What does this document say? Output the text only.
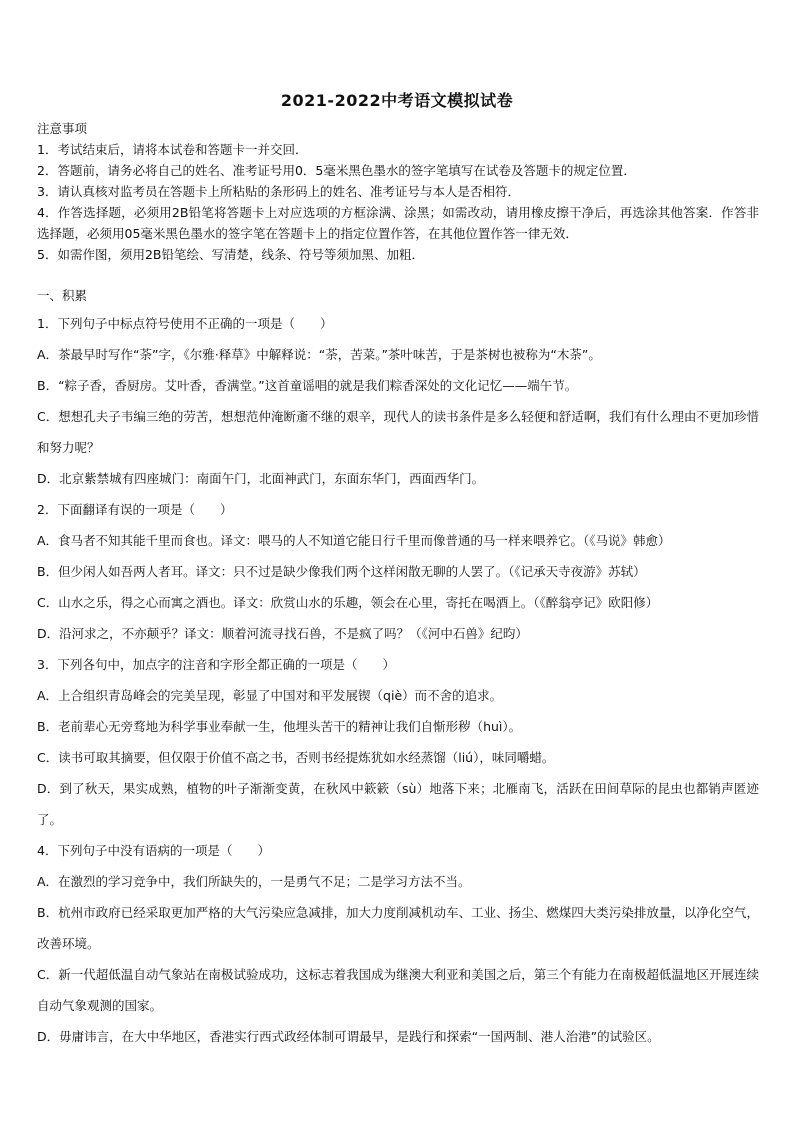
2021-2022中考语文模拟试卷

注意事项

1．考试结束后，请将本试卷和答题卡一并交回．

2．答题前，请务必将自己的姓名、准考证号用0．5毫米黑色墨水的签字笔填写在试卷及答题卡的规定位置．

3．请认真核对监考员在答题卡上所粘贴的条形码上的姓名、准考证号与本人是否相符．

4．作答选择题，必须用2B铅笔将答题卡上对应选项的方框涂满、涂黑；如需改动，请用橡皮擦干净后，再选涂其他答案．作答非选择题，必须用05毫米黑色墨水的签字笔在答题卡上的指定位置作答，在其他位置作答一律无效．

5．如需作图，须用2B铅笔绘、写清楚，线条、符号等须加黑、加粗．

一、积累

1．下列句子中标点符号使用不正确的一项是（　　）

A．茶最早时写作“荼”字，《尔雅·释草》中解释说：“荼，苦菜。”茶叶味苦，于是茶树也被称为“木荼”。

B．“粽子香，香厨房。艾叶香，香满堂。”这首童谣唱的就是我们粽香深处的文化记忆——端午节。

C．想想孔夫子韦编三绝的劳苦，想想范仲淹断齑不继的艰辛，现代人的读书条件是多么轻便和舒适啊，我们有什么理由不更加珍惜和努力呢？

D．北京紫禁城有四座城门：南面午门，北面神武门，东面东华门，西面西华门。

2．下面翻译有误的一项是（　　）

A．食马者不知其能千里而食也。译文：喂马的人不知道它能日行千里而像普通的马一样来喂养它。（《马说》韩愈）

B．但少闲人如吾两人者耳。译文：只不过是缺少像我们两个这样闲散无聊的人罢了。（《记承天寺夜游》苏轼）

C．山水之乐，得之心而寓之酒也。译文：欣赏山水的乐趣，领会在心里，寄托在喝酒上。（《醉翁亭记》欧阳修）

D．沿河求之，不亦颠乎？译文：顺着河流寻找石兽，不是疯了吗？（《河中石兽》纪昀）

3．下列各句中，加点字的注音和字形全都正确的一项是（　　）

A．上合组织青岛峰会的完美呈现，彰显了中国对和平发展锲（qiè）而不舍的追求。

B．老前辈心无旁骛地为科学事业奉献一生，他埋头苦干的精神让我们自惭形秽（huì）。

C．读书可取其摘要，但仅限于价值不高之书，否则书经提炼犹如水经蒸馏（liú），味同嚼蜡。

D．到了秋天，果实成熟，植物的叶子渐渐变黄，在秋风中簌簌（sù）地落下来；北雁南飞，活跃在田间草际的昆虫也都销声匿迹了。

4．下列句子中没有语病的一项是（　　）

A．在激烈的学习竞争中，我们所缺失的，一是勇气不足；二是学习方法不当。

B．杭州市政府已经采取更加严格的大气污染应急减排，加大力度削减机动车、工业、扬尘、燃煤四大类污染排放量，以净化空气，改善环境。

C．新一代超低温自动气象站在南极试验成功，这标志着我国成为继澳大利亚和美国之后，第三个有能力在南极超低温地区开展连续自动气象观测的国家。

D．毋庸讳言，在大中华地区，香港实行西式政经体制可谓最早，是践行和探索“一国两制、港人治港”的试验区。
